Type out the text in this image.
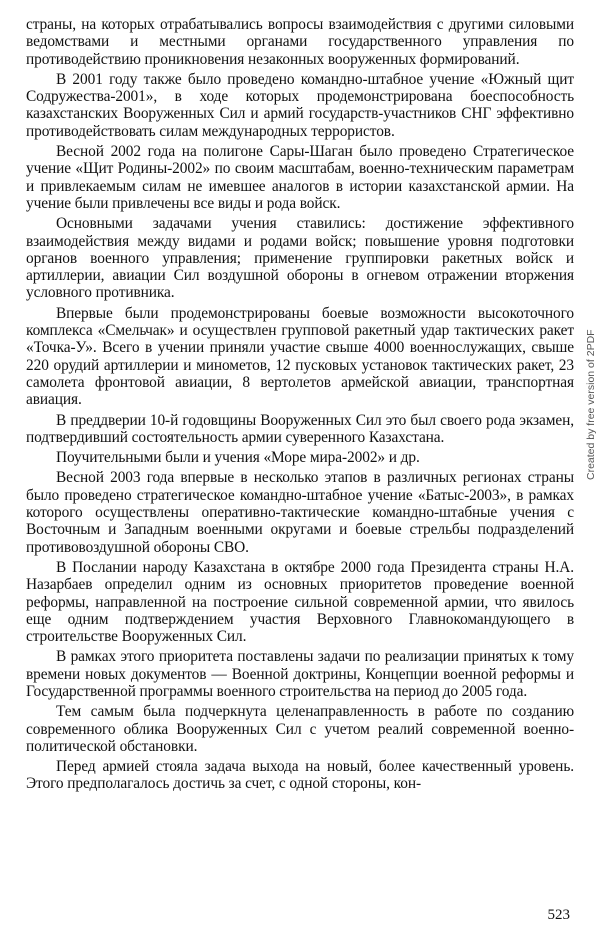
страны, на которых отрабатывались вопросы взаимодействия с другими силовыми ведомствами и местными органами государственного управления по противодействию проникновения незаконных вооруженных формирований.

В 2001 году также было проведено командно-штабное учение «Южный щит Содружества-2001», в ходе которых продемонстрирована боеспособность казахстанских Вооруженных Сил и армий государств-участников СНГ эффективно противодействовать силам международных террористов.

Весной 2002 года на полигоне Сары-Шаган было проведено Стратегическое учение «Щит Родины-2002» по своим масштабам, военно-техническим параметрам и привлекаемым силам не имевшее аналогов в истории казахстанской армии. На учение были привлечены все виды и рода войск.

Основными задачами учения ставились: достижение эффективного взаимодействия между видами и родами войск; повышение уровня подготовки органов военного управления; применение группировки ракетных войск и артиллерии, авиации Сил воздушной обороны в огневом отражении вторжения условного противника.

Впервые были продемонстрированы боевые возможности высокоточного комплекса «Смельчак» и осуществлен групповой ракетный удар тактических ракет «Точка-У». Всего в учении приняли участие свыше 4000 военнослужащих, свыше 220 орудий артиллерии и минометов, 12 пусковых установок тактических ракет, 23 самолета фронтовой авиации, 8 вертолетов армейской авиации, транспортная авиация.

В преддверии 10-й годовщины Вооруженных Сил это был своего рода экзамен, подтвердивший состоятельность армии суверенного Казахстана.

Поучительными были и учения «Море мира-2002» и др.

Весной 2003 года впервые в несколько этапов в различных регионах страны было проведено стратегическое командно-штабное учение «Батыс-2003», в рамках которого осуществлены оперативно-тактические командно-штабные учения с Восточным и Западным военными округами и боевые стрельбы подразделений противовоздушной обороны СВО.

В Послании народу Казахстана в октябре 2000 года Президента страны Н.А. Назарбаев определил одним из основных приоритетов проведение военной реформы, направленной на построение сильной современной армии, что явилось еще одним подтверждением участия Верховного Главнокомандующего в строительстве Вооруженных Сил.

В рамках этого приоритета поставлены задачи по реализации принятых к тому времени новых документов — Военной доктрины, Концепции военной реформы и Государственной программы военного строительства на период до 2005 года.

Тем самым была подчеркнута целенаправленность в работе по созданию современного облика Вооруженных Сил с учетом реалий современной военно-политической обстановки.

Перед армией стояла задача выхода на новый, более качественный уровень. Этого предполагалось достичь за счет, с одной стороны, кон-

523
Created by free version of 2PDF
